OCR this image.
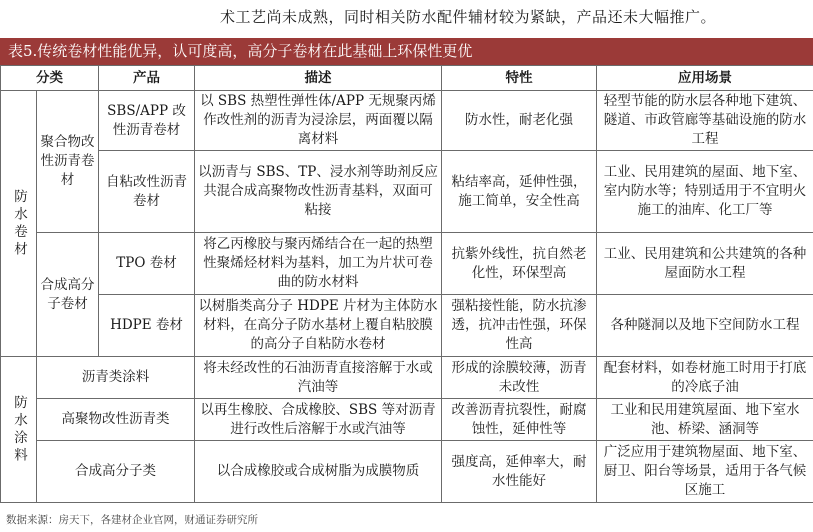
术工艺尚未成熟，同时相关防水配件辅材较为紧缺，产品还未大幅推广。
表5.传统卷材性能优异，认可度高，高分子卷材在此基础上环保性更优
分类		产品	描述	特性	应用场景
防水卷材	聚合物改性沥青卷材	SBS/APP 改性沥青卷材	以 SBS 热塑性弹性体/APP 无规聚丙烯作改性剂的沥青为浸涂层，两面覆以隔离材料	防水性，耐老化强	轻型节能的防水层各种地下建筑、隧道、市政管廊等基础设施的防水工程
		自粘改性沥青卷材	以沥青与 SBS、TP、浸水剂等助剂反应共混合成高聚物改性沥青基料，双面可粘接	粘结率高，延伸性强，施工简单，安全性高	工业、民用建筑的屋面、地下室、室内防水等；特别适用于不宜明火施工的油库、化工厂等
	合成高分子卷材	TPO 卷材	将乙丙橡胶与聚丙烯结合在一起的热塑性聚烯烃材料为基料，加工为片状可卷曲的防水材料	抗紫外线性，抗自然老化性，环保型高	工业、民用建筑和公共建筑的各种屋面防水工程
		HDPE 卷材	以树脂类高分子 HDPE 片材为主体防水材料，在高分子防水基材上覆自粘胶膜的高分子自粘防水卷材	强粘接性能，防水抗渗透，抗冲击性强，环保性高	各种隧洞以及地下空间防水工程
防水涂料	沥青类涂料		将未经改性的石油沥青直接溶解于水或汽油等	形成的涂膜较薄，沥青未改性	配套材料，如卷材施工时用于打底的冷底子油
	高聚物改性沥青类		以再生橡胶、合成橡胶、SBS 等对沥青进行改性后溶解于水或汽油等	改善沥青抗裂性，耐腐蚀性，延伸性等	工业和民用建筑屋面、地下室水池、桥梁、涵洞等
	合成高分子类		以合成橡胶或合成树脂为成膜物质	强度高，延伸率大，耐水性能好	广泛应用于建筑物屋面、地下室、厨卫、阳台等场景，适用于各气候区施工
数据来源：房天下，各建材企业官网，财通证券研究所
